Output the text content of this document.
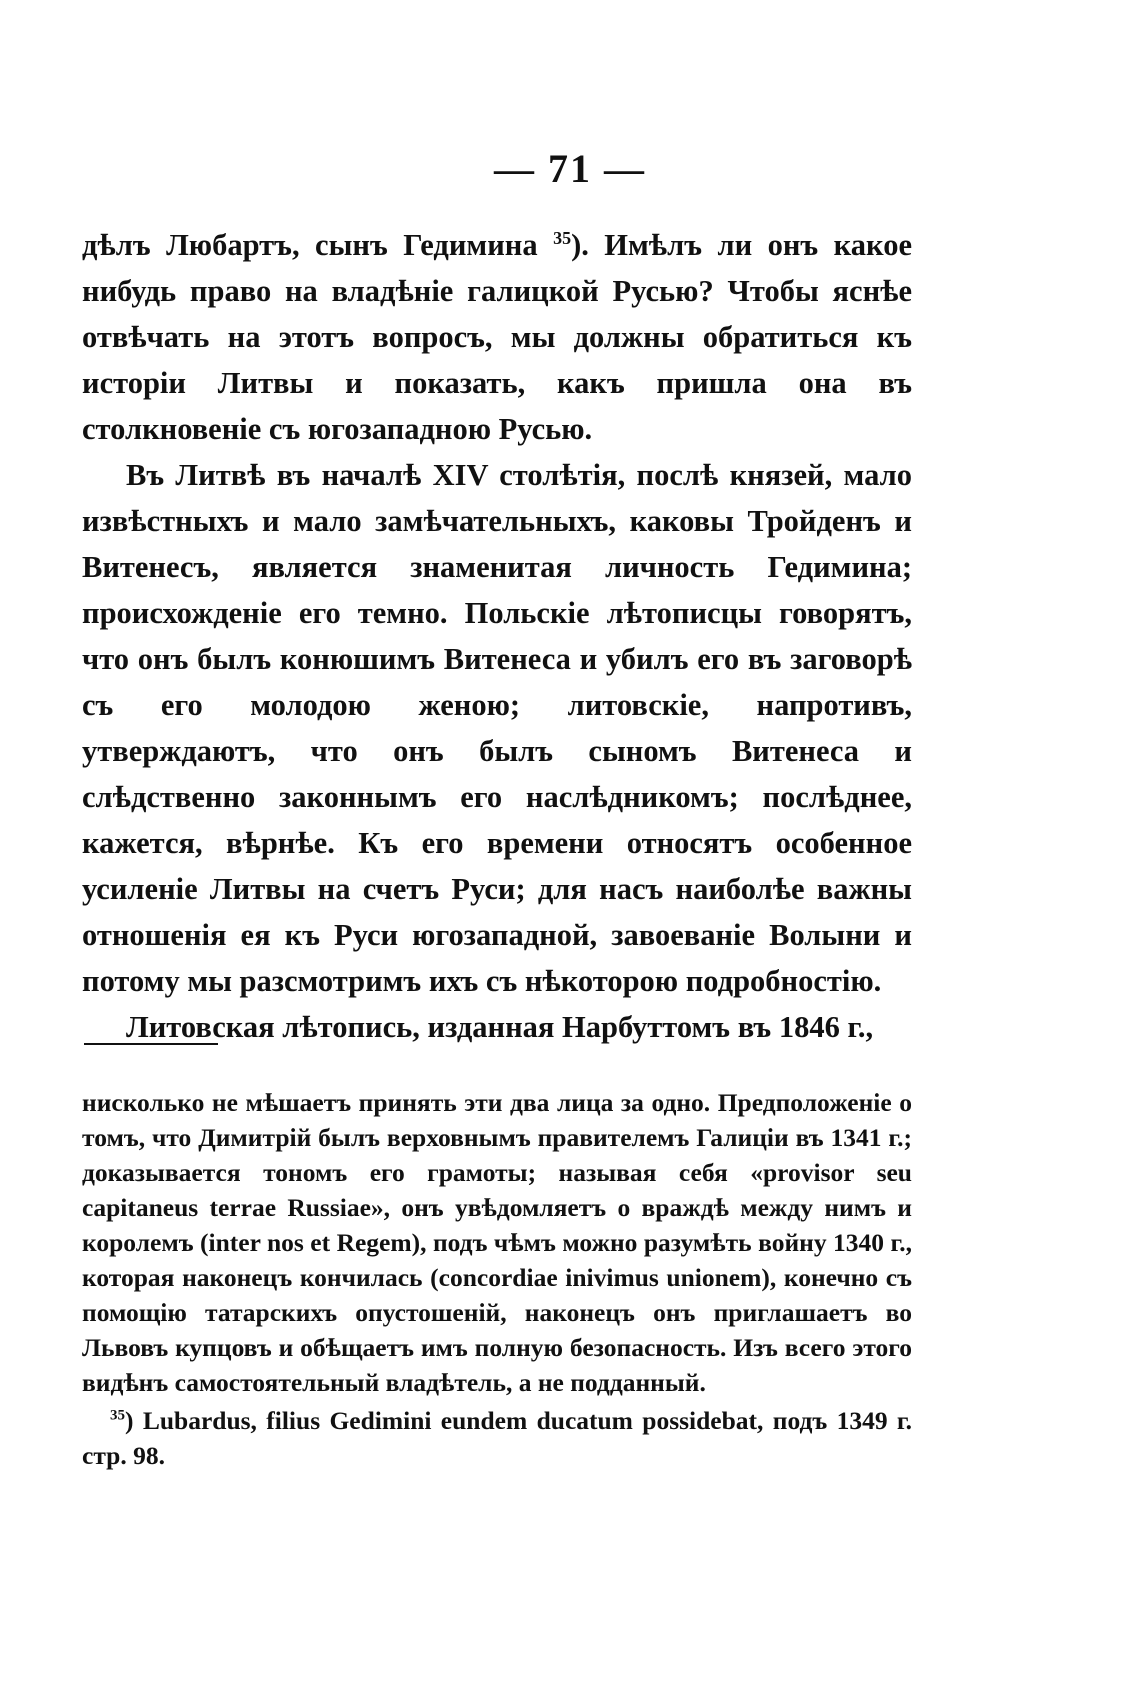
— 71 —

дѣлъ Любартъ, сынъ Гедимина $^{35}$). Имѣлъ ли онъ какое нибудь право на владѣніе галицкой Русью? Чтобы яснѣе отвѣчать на этотъ вопросъ, мы должны обратиться къ исторіи Литвы и показать, какъ пришла она въ столкновеніе съ югозападною Русью.

Въ Литвѣ въ началѣ XIV столѣтія, послѣ князей, мало извѣстныхъ и мало замѣчательныхъ, каковы Тройденъ и Витенесъ, является знаменитая личность Гедимина; происхожденіе его темно. Польскіе лѣтописцы говорятъ, что онъ былъ конюшимъ Витенеса и убилъ его въ заговорѣ съ его молодою женою; литовскіе, напротивъ, утверждаютъ, что онъ былъ сыномъ Витенеса и слѣдственно законнымъ его наслѣдникомъ; послѣднее, кажется, вѣрнѣе. Къ его времени относятъ особенное усиленіе Литвы на счетъ Руси; для насъ наиболѣе важны отношенія ея къ Руси югозападной, завоеваніе Волыни и потому мы разсмотримъ ихъ съ нѣкоторою подробностію.

Литовская лѣтопись, изданная Нарбуттомъ въ 1846 г.,

нисколько не мѣшаетъ принять эти два лица за одно. Предположеніе о томъ, что Димитрій былъ верховнымъ правителемъ Галиціи въ 1341 г.; доказывается тономъ его грамоты; называя себя «provisor seu capitaneus terrae Russiae», онъ увѣдомляетъ о враждѣ между нимъ и королемъ (inter nos et Regem), подъ чѣмъ можно разумѣть войну 1340 г., которая наконецъ кончилась (concordiae inivimus unionem), конечно съ помощію татарскихъ опустошеній, наконецъ онъ приглашаетъ во Львовъ купцовъ и обѣщаетъ имъ полную безопасность. Изъ всего этого видѣнъ самостоятельный владѣтель, а не подданный.

$^{35}$) Lubardus, filius Gedimini eundem ducatum possidebat, подъ 1349 г. стр. 98.
